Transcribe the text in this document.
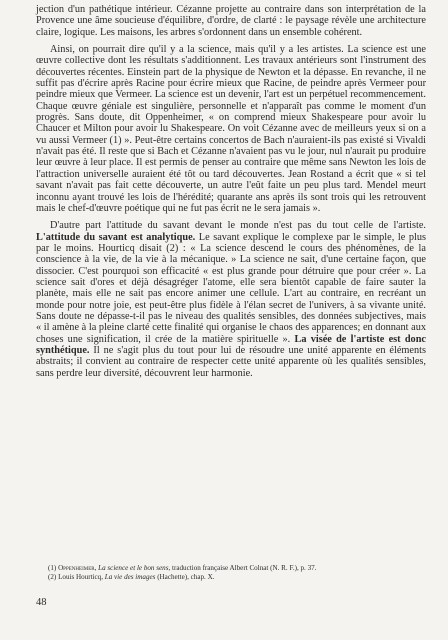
jection d'un pathétique intérieur. Cézanne projette au contraire dans son interprétation de la Provence une âme soucieuse d'équilibre, d'ordre, de clarté : le paysage révèle une architecture claire, logique. Les maisons, les arbres s'ordonnent dans un ensemble cohérent.

Ainsi, on pourrait dire qu'il y a la science, mais qu'il y a les artistes. La science est une œuvre collective dont les résultats s'additionnent. Les travaux antérieurs sont l'instrument des découvertes récentes. Einstein part de la physique de Newton et la dépasse. En revanche, il ne suffit pas d'écrire après Racine pour écrire mieux que Racine, de peindre après Vermeer pour peindre mieux que Vermeer. La science est un devenir, l'art est un perpétuel recommencement. Chaque œuvre géniale est singulière, personnelle et n'apparaît pas comme le moment d'un progrès. Sans doute, dit Oppenheimer, « on comprend mieux Shakespeare pour avoir lu Chaucer et Milton pour avoir lu Shakespeare. On voit Cézanne avec de meilleurs yeux si on a vu aussi Vermeer (1) ». Peut-être certains concertos de Bach n'auraient-ils pas existé si Vivaldi n'avait pas été. Il reste que si Bach et Cézanne n'avaient pas vu le jour, nul n'aurait pu produire leur œuvre à leur place. Il est permis de penser au contraire que même sans Newton les lois de l'attraction universelle auraient été tôt ou tard découvertes. Jean Rostand a écrit que « si tel savant n'avait pas fait cette découverte, un autre l'eût faite un peu plus tard. Mendel meurt inconnu ayant trouvé les lois de l'hérédité; quarante ans après ils sont trois qui les retrouvent mais le chef-d'œuvre poétique qui ne fut pas écrit ne le sera jamais ».

D'autre part l'attitude du savant devant le monde n'est pas du tout celle de l'artiste. L'attitude du savant est analytique. Le savant explique le complexe par le simple, le plus par le moins. Hourticq disait (2) : « La science descend le cours des phénomènes, de la conscience à la vie, de la vie à la mécanique. » La science ne sait, d'une certaine façon, que dissocier. C'est pourquoi son efficacité « est plus grande pour détruire que pour créer ». La science sait d'ores et déjà désagréger l'atome, elle sera bientôt capable de faire sauter la planète, mais elle ne sait pas encore animer une cellule. L'art au contraire, en recréant un monde pour notre joie, est peut-être plus fidèle à l'élan secret de l'univers, à sa vivante unité. Sans doute ne dépasse-t-il pas le niveau des qualités sensibles, des données subjectives, mais « il amène à la pleine clarté cette finalité qui organise le chaos des apparences; en donnant aux choses une signification, il crée de la matière spirituelle ». La visée de l'artiste est donc synthétique. Il ne s'agit plus du tout pour lui de résoudre une unité apparente en éléments abstraits; il convient au contraire de respecter cette unité apparente où les qualités sensibles, sans perdre leur diversité, découvrent leur harmonie.

(1) Oppenheimer, La science et le bon sens, traduction française Albert Colnat (N. R. F.), p. 37.

(2) Louis Hourticq, La vie des images (Hachette), chap. X.

48
